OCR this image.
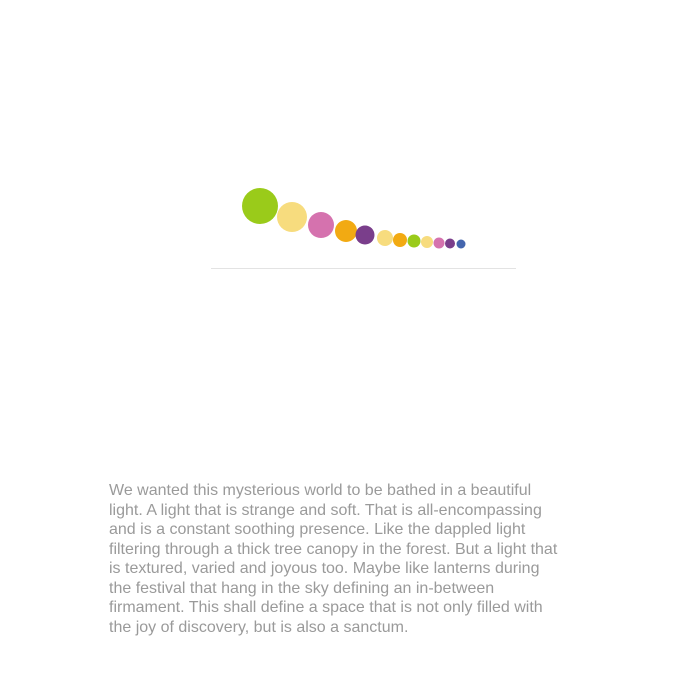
We wanted this mysterious world to be bathed in a beautiful
light. A light that is strange and soft. That is all-encompassing
and is a constant soothing presence. Like the dappled light
filtering through a thick tree canopy in the forest. But a light that
is textured, varied and joyous too. Maybe like lanterns during
the festival that hang in the sky defining an in-between
firmament. This shall define a space that is not only filled with
the joy of discovery, but is also a sanctum.
